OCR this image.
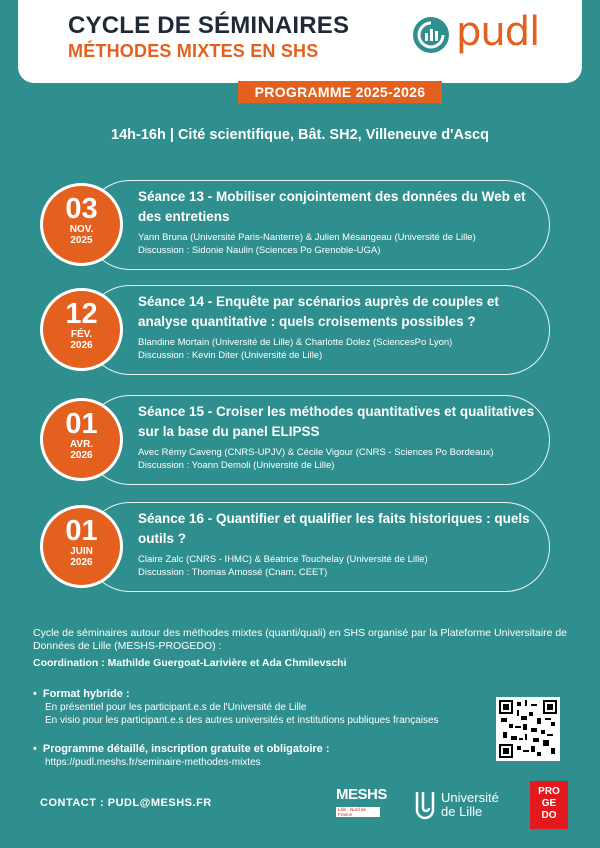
CYCLE DE SÉMINAIRES
MÉTHODES MIXTES EN SHS	pudl
PROGRAMME 2025-2026
14h-16h | Cité scientifique, Bât. SH2, Villeneuve d'Ascq
03
NOV.
2025
Séance 13 - Mobiliser conjointement des données du Web et des entretiens
Yann Bruna (Université Paris-Nanterre) & Julien Mésangeau (Université de Lille)
Discussion : Sidonie Naulin (Sciences Po Grenoble-UGA)
12
FÉV.
2026
Séance 14 - Enquête par scénarios auprès de couples et analyse quantitative : quels croisements possibles ?
Blandine Mortain (Université de Lille) & Charlotte Dolez (SciencesPo Lyon)
Discussion : Kevin Diter (Université de Lille)
01
AVR.
2026
Séance 15 - Croiser les méthodes quantitatives et qualitatives sur la base du panel ELIPSS
Avec Rémy Caveng (CNRS-UPJV) & Cécile Vigour (CNRS - Sciences Po Bordeaux)
Discussion : Yoann Demoli (Université de Lille)
01
JUIN
2026
Séance 16 - Quantifier et qualifier les faits historiques : quels outils ?
Claire Zalc (CNRS - IHMC) & Béatrice Touchelay (Université de Lille)
Discussion : Thomas Amossé (Cnam, CEET)
Cycle de séminaires autour des méthodes mixtes (quanti/quali) en SHS organisé par la Plateforme Universitaire de Données de Lille (MESHS-PROGEDO) :
Coordination : Mathilde Guergoat-Larivière et Ada Chmilevschi
• Format hybride :
En présentiel pour les participant.e.s de l'Université de Lille
En visio pour les participant.e.s des autres universités et institutions publiques françaises
• Programme détaillé, inscription gratuite et obligatoire :
https://pudl.meshs.fr/seminaire-methodes-mixtes
CONTACT : PUDL@MESHS.FR	MESHS
Lille · Nord de France
Université
de Lille
PRO
GE
DO
